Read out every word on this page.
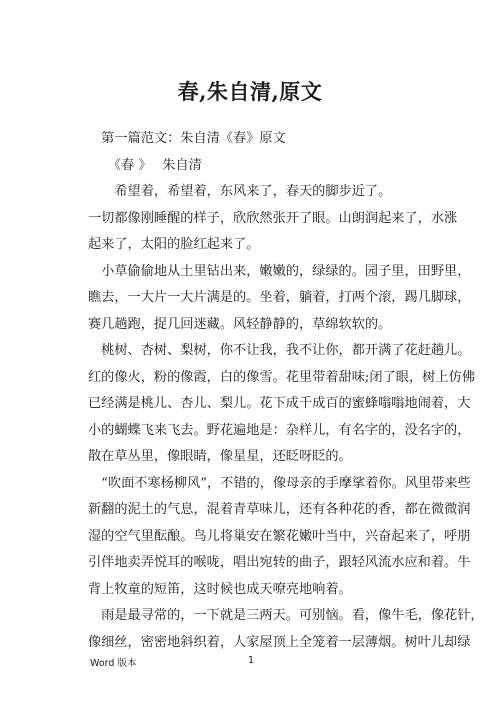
春,朱自清,原文
　第一篇范文：朱自清《春》原文
　　《春 》　 朱自清
　　希望着，希望着，东风来了，春天的脚步近了。
一切都像刚睡醒的样子，欣欣然张开了眼。山朗润起来了，水涨
起来了，太阳的脸红起来了。
　小草偷偷地从土里钻出来，嫩嫩的，绿绿的。园子里，田野里，
瞧去，一大片一大片满是的。坐着，躺着，打两个滚，踢几脚球，
赛几趟跑，捉几回迷藏。风轻静静的，草绵软软的。
　桃树、杏树、梨树，你不让我，我不让你，都开满了花赶趟儿。
红的像火，粉的像霞，白的像雪。花里带着甜味;闭了眼，树上仿佛
已经满是桃儿、杏儿、梨儿。花下成千成百的蜜蜂嗡嗡地闹着，大
小的蝴蝶飞来飞去。野花遍地是：杂样儿，有名字的，没名字的，
散在草丛里，像眼睛，像星星，还眨呀眨的。
　“吹面不寒杨柳风”，不错的，像母亲的手摩挲着你。风里带来些
新翻的泥土的气息，混着青草味儿，还有各种花的香，都在微微润
湿的空气里酝酿。鸟儿将巢安在繁花嫩叶当中，兴奋起来了，呼朋
引伴地卖弄悦耳的喉咙，唱出宛转的曲子，跟轻风流水应和着。牛
背上牧童的短笛，这时候也成天嘹亮地响着。
　雨是最寻常的，一下就是三两天。可别恼。看，像牛毛，像花针，
像细丝，密密地斜织着，人家屋顶上全笼着一层薄烟。树叶儿却绿
Word 版本	1
